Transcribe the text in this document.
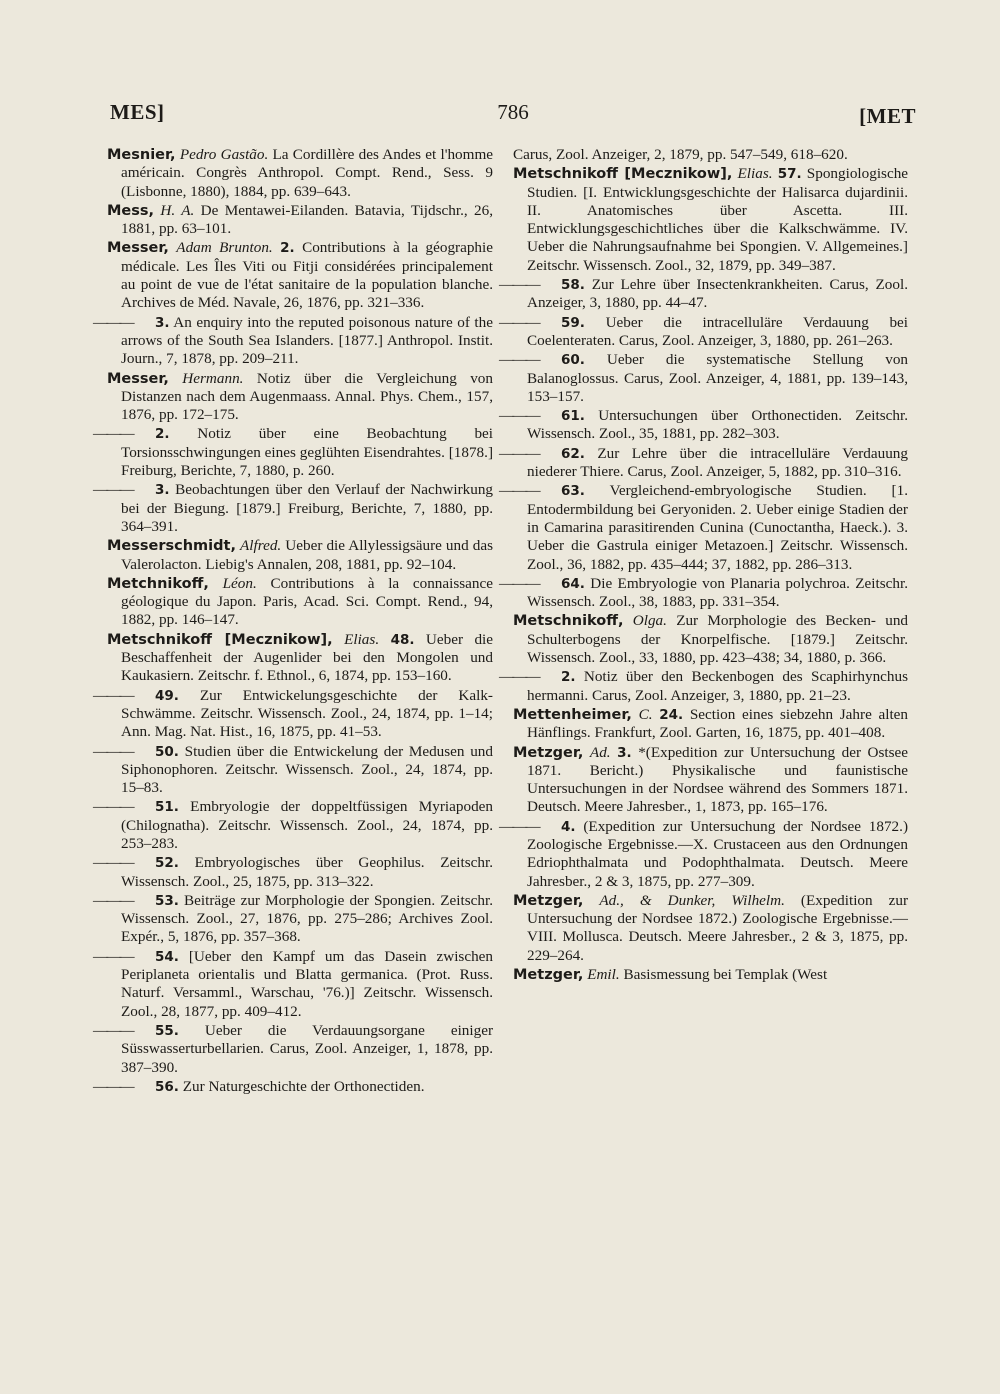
MES]	786	[MET

Mesnier, Pedro Gastão. La Cordillère des Andes et l'homme américain. Congrès Anthropol. Compt. Rend., Sess. 9 (Lisbonne, 1880), 1884, pp. 639–643.

Mess, H. A. De Mentawei-Eilanden. Batavia, Tijdschr., 26, 1881, pp. 63–101.

Messer, Adam Brunton. 2. Contributions à la géographie médicale. Les Îles Viti ou Fitji considérées principalement au point de vue de l'état sanitaire de la population blanche. Archives de Méd. Navale, 26, 1876, pp. 321–336.

———3. An enquiry into the reputed poisonous nature of the arrows of the South Sea Islanders. [1877.] Anthropol. Instit. Journ., 7, 1878, pp. 209–211.

Messer, Hermann. Notiz über die Vergleichung von Distanzen nach dem Augenmaass. Annal. Phys. Chem., 157, 1876, pp. 172–175.

———2. Notiz über eine Beobachtung bei Torsionsschwingungen eines geglühten Eisendrahtes. [1878.] Freiburg, Berichte, 7, 1880, p. 260.

———3. Beobachtungen über den Verlauf der Nachwirkung bei der Biegung. [1879.] Freiburg, Berichte, 7, 1880, pp. 364–391.

Messerschmidt, Alfred. Ueber die Allylessigsäure und das Valerolacton. Liebig's Annalen, 208, 1881, pp. 92–104.

Metchnikoff, Léon. Contributions à la connaissance géologique du Japon. Paris, Acad. Sci. Compt. Rend., 94, 1882, pp. 146–147.

Metschnikoff [Mecznikow], Elias. 48. Ueber die Beschaffenheit der Augenlider bei den Mongolen und Kaukasiern. Zeitschr. f. Ethnol., 6, 1874, pp. 153–160.

———49. Zur Entwickelungsgeschichte der Kalk-Schwämme. Zeitschr. Wissensch. Zool., 24, 1874, pp. 1–14; Ann. Mag. Nat. Hist., 16, 1875, pp. 41–53.

———50. Studien über die Entwickelung der Medusen und Siphonophoren. Zeitschr. Wissensch. Zool., 24, 1874, pp. 15–83.

———51. Embryologie der doppeltfüssigen Myriapoden (Chilognatha). Zeitschr. Wissensch. Zool., 24, 1874, pp. 253–283.

———52. Embryologisches über Geophilus. Zeitschr. Wissensch. Zool., 25, 1875, pp. 313–322.

———53. Beiträge zur Morphologie der Spongien. Zeitschr. Wissensch. Zool., 27, 1876, pp. 275–286; Archives Zool. Expér., 5, 1876, pp. 357–368.

———54. [Ueber den Kampf um das Dasein zwischen Periplaneta orientalis und Blatta germanica. (Prot. Russ. Naturf. Versamml., Warschau, '76.)] Zeitschr. Wissensch. Zool., 28, 1877, pp. 409–412.

———55. Ueber die Verdauungsorgane einiger Süsswasserturbellarien. Carus, Zool. Anzeiger, 1, 1878, pp. 387–390.

———56. Zur Naturgeschichte der Orthonectiden.

Carus, Zool. Anzeiger, 2, 1879, pp. 547–549, 618–620.

Metschnikoff [Mecznikow], Elias. 57. Spongiologische Studien. [I. Entwicklungsgeschichte der Halisarca dujardinii. II. Anatomisches über Ascetta. III. Entwicklungsgeschichtliches über die Kalkschwämme. IV. Ueber die Nahrungsaufnahme bei Spongien. V. Allgemeines.] Zeitschr. Wissensch. Zool., 32, 1879, pp. 349–387.

———58. Zur Lehre über Insectenkrankheiten. Carus, Zool. Anzeiger, 3, 1880, pp. 44–47.

———59. Ueber die intracelluläre Verdauung bei Coelenteraten. Carus, Zool. Anzeiger, 3, 1880, pp. 261–263.

———60. Ueber die systematische Stellung von Balanoglossus. Carus, Zool. Anzeiger, 4, 1881, pp. 139–143, 153–157.

———61. Untersuchungen über Orthonectiden. Zeitschr. Wissensch. Zool., 35, 1881, pp. 282–303.

———62. Zur Lehre über die intracelluläre Verdauung niederer Thiere. Carus, Zool. Anzeiger, 5, 1882, pp. 310–316.

———63. Vergleichend-embryologische Studien. [1. Entodermbildung bei Geryoniden. 2. Ueber einige Stadien der in Camarina parasitirenden Cunina (Cunoctantha, Haeck.). 3. Ueber die Gastrula einiger Metazoen.] Zeitschr. Wissensch. Zool., 36, 1882, pp. 435–444; 37, 1882, pp. 286–313.

———64. Die Embryologie von Planaria polychroa. Zeitschr. Wissensch. Zool., 38, 1883, pp. 331–354.

Metschnikoff, Olga. Zur Morphologie des Becken- und Schulterbogens der Knorpelfische. [1879.] Zeitschr. Wissensch. Zool., 33, 1880, pp. 423–438; 34, 1880, p. 366.

———2. Notiz über den Beckenbogen des Scaphirhynchus hermanni. Carus, Zool. Anzeiger, 3, 1880, pp. 21–23.

Mettenheimer, C. 24. Section eines siebzehn Jahre alten Hänflings. Frankfurt, Zool. Garten, 16, 1875, pp. 401–408.

Metzger, Ad. 3. *(Expedition zur Untersuchung der Ostsee 1871. Bericht.) Physikalische und faunistische Untersuchungen in der Nordsee während des Sommers 1871. Deutsch. Meere Jahresber., 1, 1873, pp. 165–176.

———4. (Expedition zur Untersuchung der Nordsee 1872.) Zoologische Ergebnisse.—X. Crustaceen aus den Ordnungen Edriophthalmata und Podophthalmata. Deutsch. Meere Jahresber., 2 & 3, 1875, pp. 277–309.

Metzger, Ad., & Dunker, Wilhelm. (Expedition zur Untersuchung der Nordsee 1872.) Zoologische Ergebnisse.—VIII. Mollusca. Deutsch. Meere Jahresber., 2 & 3, 1875, pp. 229–264.

Metzger, Emil. Basismessung bei Templak (West
